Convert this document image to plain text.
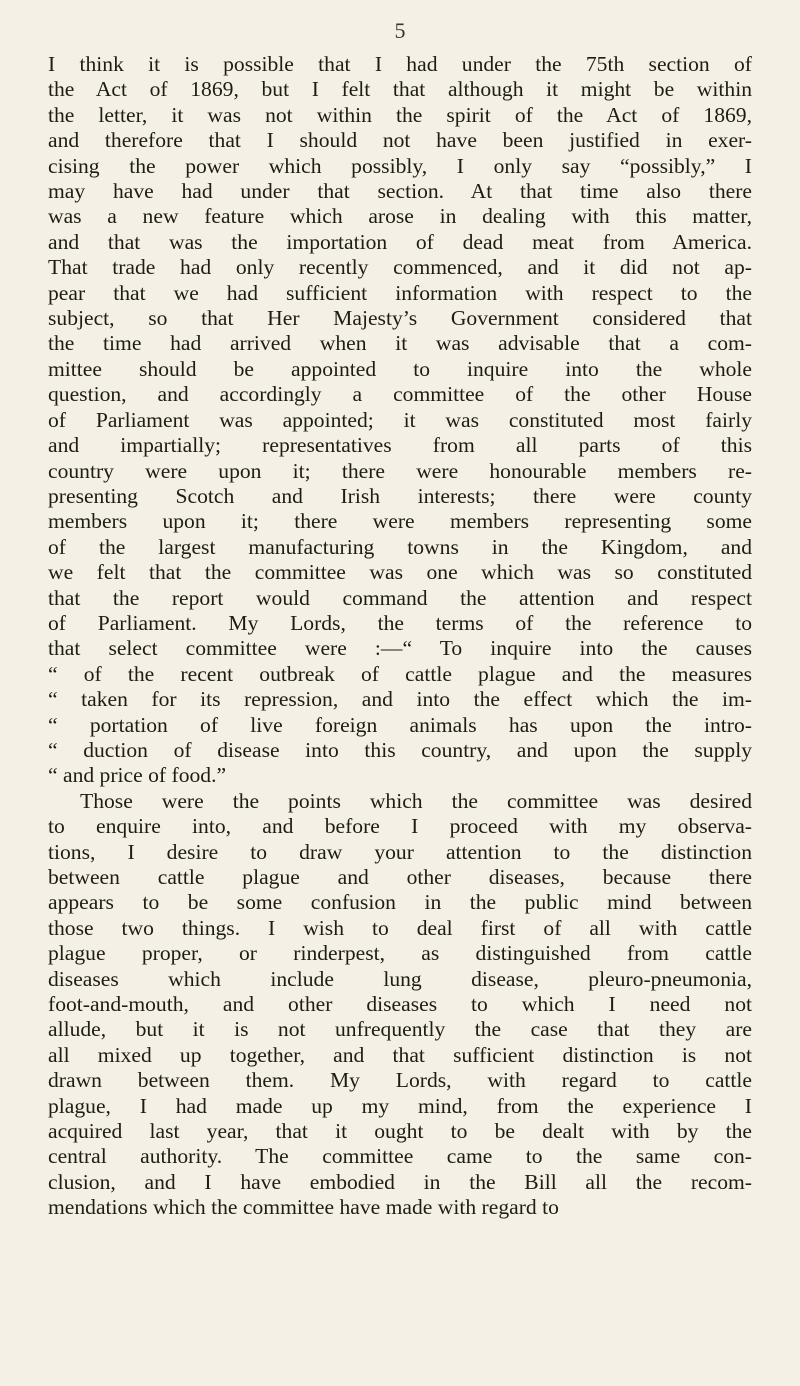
5
I think it is possible that I had under the 75th section of
the Act of 1869, but I felt that although it might be within
the letter, it was not within the spirit of the Act of 1869,
and therefore that I should not have been justified in exer-
cising the power which possibly, I only say “possibly,” I
may have had under that section. At that time also there
was a new feature which arose in dealing with this matter,
and that was the importation of dead meat from America.
That trade had only recently commenced, and it did not ap-
pear that we had sufficient information with respect to the
subject, so that Her Majesty’s Government considered that
the time had arrived when it was advisable that a com-
mittee should be appointed to inquire into the whole
question, and accordingly a committee of the other House
of Parliament was appointed; it was constituted most fairly
and impartially; representatives from all parts of this
country were upon it; there were honourable members re-
presenting Scotch and Irish interests; there were county
members upon it; there were members representing some
of the largest manufacturing towns in the Kingdom, and
we felt that the committee was one which was so constituted
that the report would command the attention and respect
of Parliament. My Lords, the terms of the reference to
that select committee were :—“ To inquire into the causes
“ of the recent outbreak of cattle plague and the measures
“ taken for its repression, and into the effect which the im-
“ portation of live foreign animals has upon the intro-
“ duction of disease into this country, and upon the supply
“ and price of food.”
Those were the points which the committee was desired
to enquire into, and before I proceed with my observa-
tions, I desire to draw your attention to the distinction
between cattle plague and other diseases, because there
appears to be some confusion in the public mind between
those two things. I wish to deal first of all with cattle
plague proper, or rinderpest, as distinguished from cattle
diseases which include lung disease, pleuro-pneumonia,
foot-and-mouth, and other diseases to which I need not
allude, but it is not unfrequently the case that they are
all mixed up together, and that sufficient distinction is not
drawn between them. My Lords, with regard to cattle
plague, I had made up my mind, from the experience I
acquired last year, that it ought to be dealt with by the
central authority. The committee came to the same con-
clusion, and I have embodied in the Bill all the recom-
mendations which the committee have made with regard to
